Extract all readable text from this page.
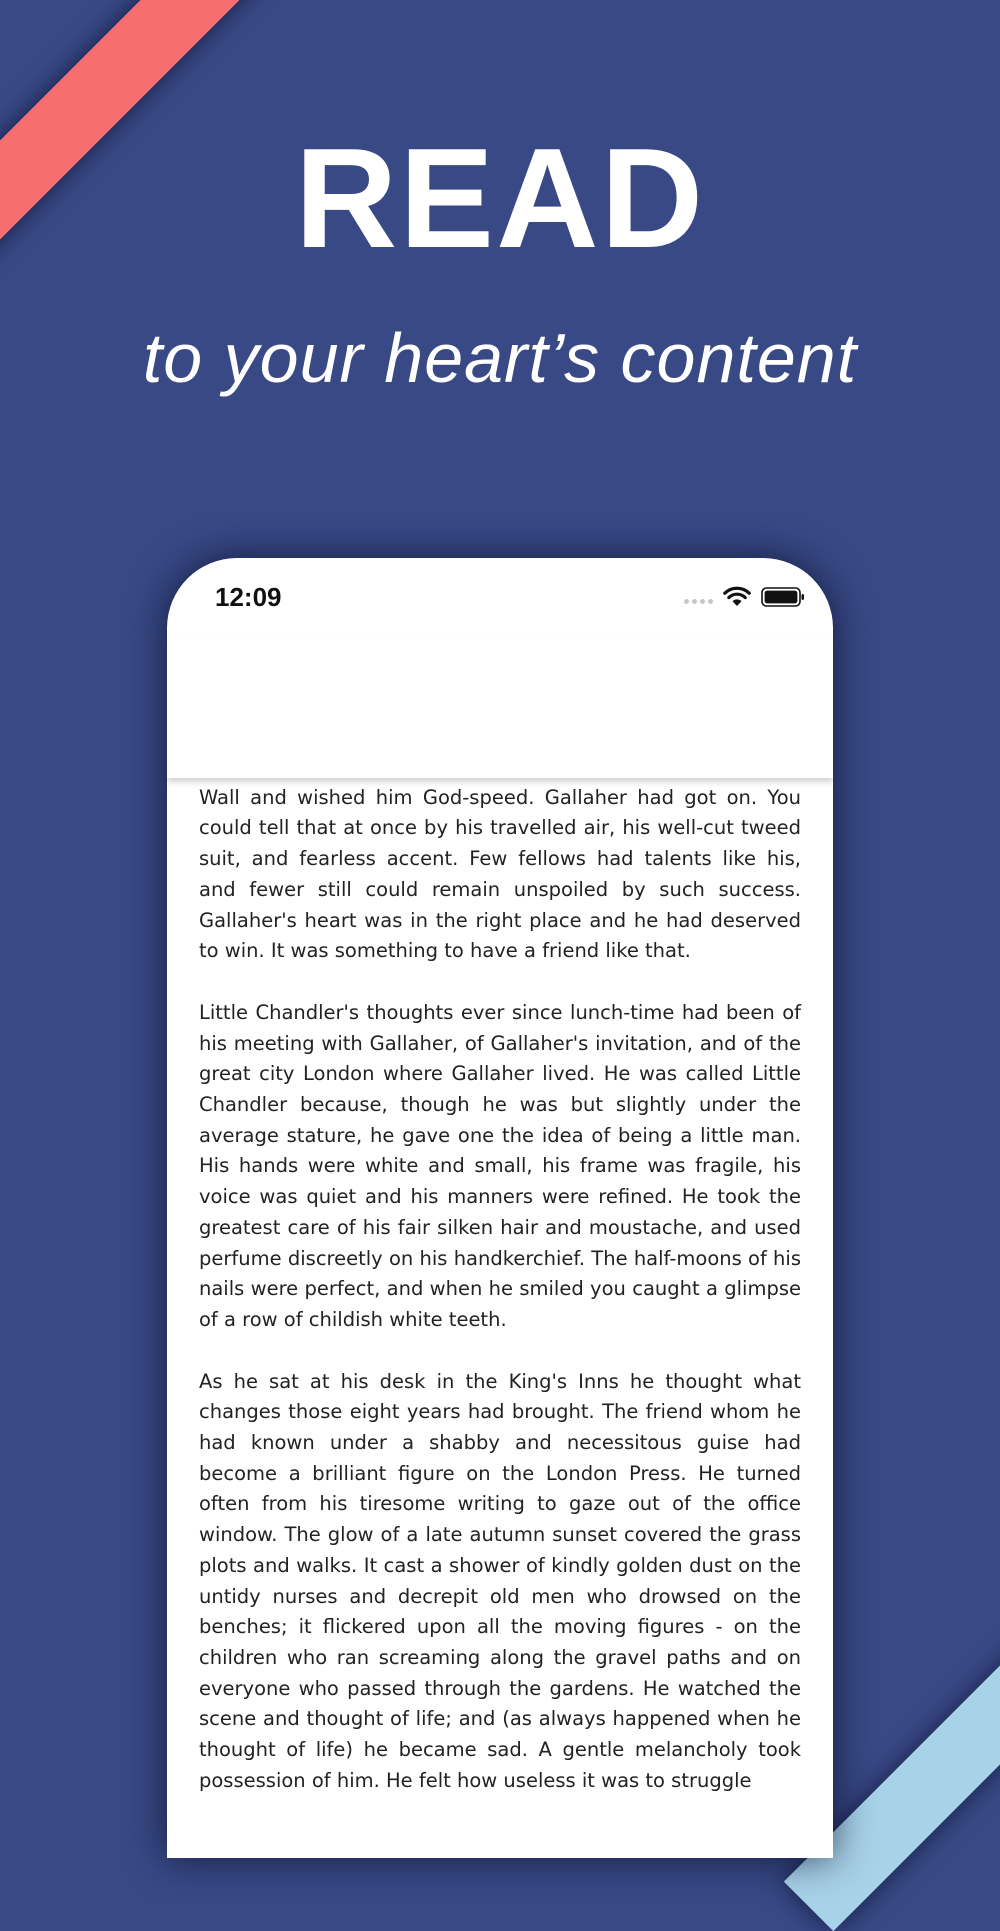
READ
to your heart’s content
12:09

Wall and wished him God-speed. Gallaher had got on. You could tell that at once by his travelled air, his well-cut tweed suit, and fearless accent. Few fellows had talents like his, and fewer still could remain unspoiled by such success. Gallaher's heart was in the right place and he had deserved to win. It was something to have a friend like that.

Little Chandler's thoughts ever since lunch-time had been of his meeting with Gallaher, of Gallaher's invitation, and of the great city London where Gallaher lived. He was called Little Chandler because, though he was but slightly under the average stature, he gave one the idea of being a little man. His hands were white and small, his frame was fragile, his voice was quiet and his manners were refined. He took the greatest care of his fair silken hair and moustache, and used perfume discreetly on his handkerchief. The half-moons of his nails were perfect, and when he smiled you caught a glimpse of a row of childish white teeth.

As he sat at his desk in the King's Inns he thought what changes those eight years had brought. The friend whom he had known under a shabby and necessitous guise had become a brilliant figure on the London Press. He turned often from his tiresome writing to gaze out of the office window. The glow of a late autumn sunset covered the grass plots and walks. It cast a shower of kindly golden dust on the untidy nurses and decrepit old men who drowsed on the benches; it flickered upon all the moving figures - on the children who ran screaming along the gravel paths and on everyone who passed through the gardens. He watched the scene and thought of life; and (as always happened when he thought of life) he became sad. A gentle melancholy took possession of him. He felt how useless it was to struggle
